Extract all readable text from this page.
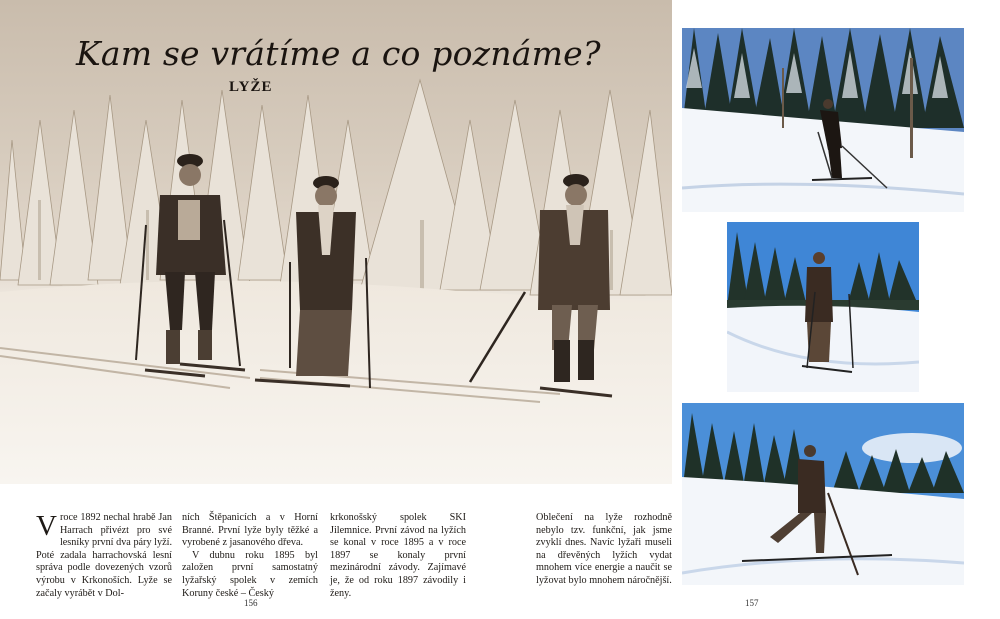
Kam se vrátíme a co poznáme?
LYŽE
Vroce 1892 nechal hrabě Jan Harrach přivézt pro své lesníky první dva páry lyží. Poté zadala harrachovská lesní správa podle dovezených vzorů výrobu v Krkonoších. Lyže se začaly vyrábět v Dol-
ních Štěpanicích a v Horní Branné. První lyže byly těžké a vyrobené z jasanového dřeva.
V dubnu roku 1895 byl založen první samostatný lyžařský spolek v zemích Koruny české – Český
krkonošský spolek SKI Jilemnice. První závod na lyžích se konal v roce 1895 a v roce 1897 se konaly první mezinárodní závody. Zajímavé je, že od roku 1897 závodily i ženy.
Oblečení na lyže rozhodně nebylo tzv. funkční, jak jsme zvyklí dnes. Navíc lyžaři museli na dřevěných lyžích vydat mnohem více energie a naučit se lyžovat bylo mnohem náročnější.
156	157
